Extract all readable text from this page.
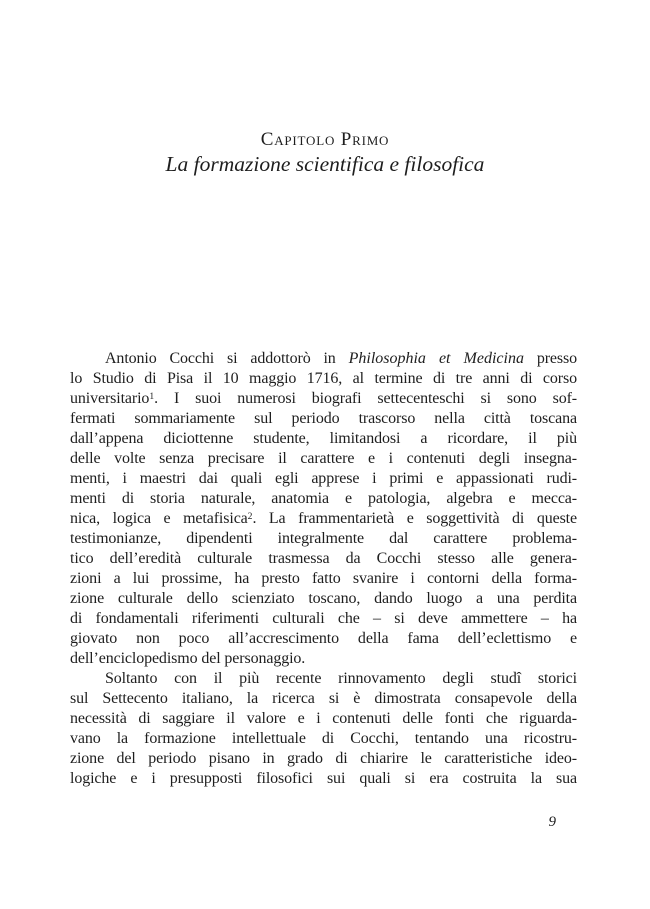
Capitolo Primo
La formazione scientifica e filosofica
Antonio Cocchi si addottorò in Philosophia et Medicina presso
lo Studio di Pisa il 10 maggio 1716, al termine di tre anni di corso
universitario$^1$. I suoi numerosi biografi settecenteschi si sono sof-
fermati sommariamente sul periodo trascorso nella città toscana
dall’appena diciottenne studente, limitandosi a ricordare, il più
delle volte senza precisare il carattere e i contenuti degli insegna-
menti, i maestri dai quali egli apprese i primi e appassionati rudi-
menti di storia naturale, anatomia e patologia, algebra e mecca-
nica, logica e metafisica$^2$. La frammentarietà e soggettività di queste
testimonianze, dipendenti integralmente dal carattere problema-
tico dell’eredità culturale trasmessa da Cocchi stesso alle genera-
zioni a lui prossime, ha presto fatto svanire i contorni della forma-
zione culturale dello scienziato toscano, dando luogo a una perdita
di fondamentali riferimenti culturali che – si deve ammettere – ha
giovato non poco all’accrescimento della fama dell’eclettismo e
dell’enciclopedismo del personaggio.
Soltanto con il più recente rinnovamento degli studî storici
sul Settecento italiano, la ricerca si è dimostrata consapevole della
necessità di saggiare il valore e i contenuti delle fonti che riguarda-
vano la formazione intellettuale di Cocchi, tentando una ricostru-
zione del periodo pisano in grado di chiarire le caratteristiche ideo-
logiche e i presupposti filosofici sui quali si era costruita la sua
9
